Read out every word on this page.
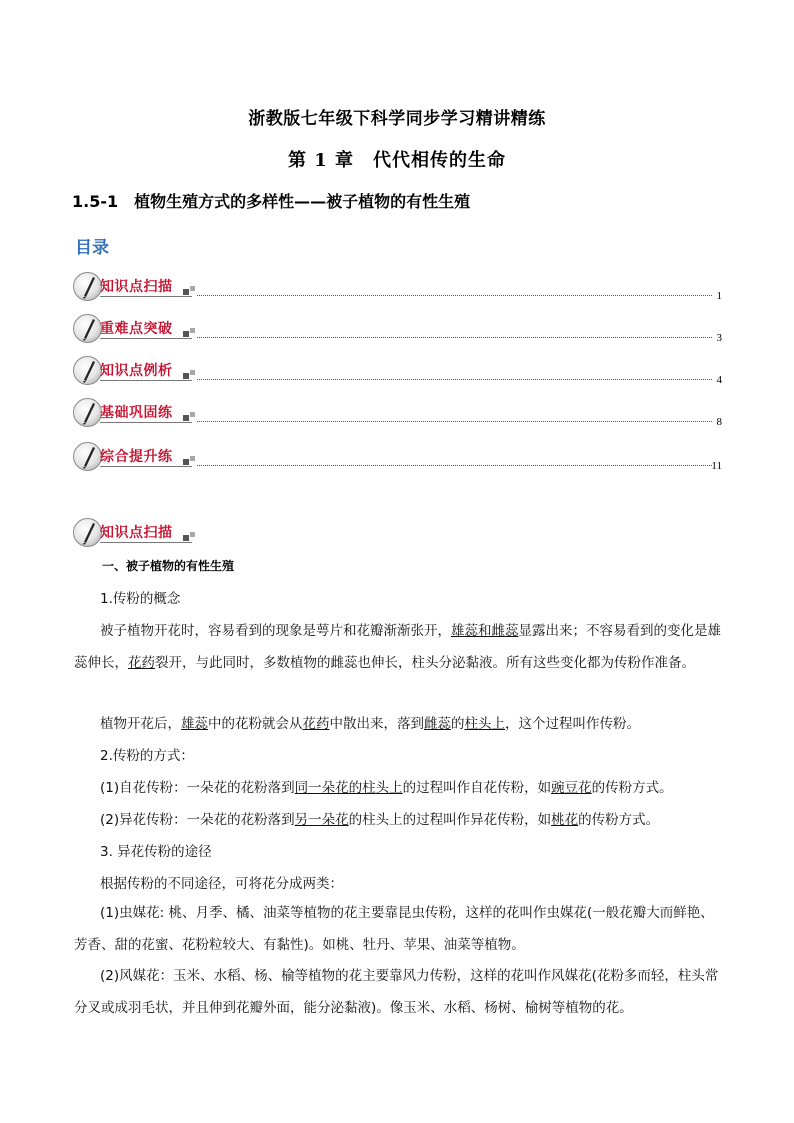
浙教版七年级下科学同步学习精讲精练
第 1 章　代代相传的生命
1.5-1　植物生殖方式的多样性——被子植物的有性生殖
目录
知识点扫描
1
重难点突破
3
知识点例析
4
基础巩固练
8
综合提升练
11
知识点扫描
一、被子植物的有性生殖
1.传粉的概念
被子植物开花时，容易看到的现象是萼片和花瓣渐渐张开，雄蕊和雌蕊显露出来；不容易看到的变化是雄蕊伸长，花药裂开，与此同时，多数植物的雌蕊也伸长，柱头分泌黏液。所有这些变化都为传粉作准备。
植物开花后，雄蕊中的花粉就会从花药中散出来，落到雌蕊的柱头上，这个过程叫作传粉。
2.传粉的方式：
(1)自花传粉：一朵花的花粉落到同一朵花的柱头上的过程叫作自花传粉，如豌豆花的传粉方式。
(2)异花传粉：一朵花的花粉落到另一朵花的柱头上的过程叫作异花传粉，如桃花的传粉方式。
3. 异花传粉的途径
根据传粉的不同途径，可将花分成两类：
(1)虫媒花: 桃、月季、橘、油菜等植物的花主要靠昆虫传粉，这样的花叫作虫媒花(一般花瓣大而鲜艳、芳香、甜的花蜜、花粉粒较大、有黏性)。如桃、牡丹、苹果、油菜等植物。
(2)风媒花：玉米、水稻、杨、榆等植物的花主要靠风力传粉，这样的花叫作风媒花(花粉多而轻，柱头常分叉或成羽毛状，并且伸到花瓣外面，能分泌黏液)。像玉米、水稻、杨树、榆树等植物的花。
